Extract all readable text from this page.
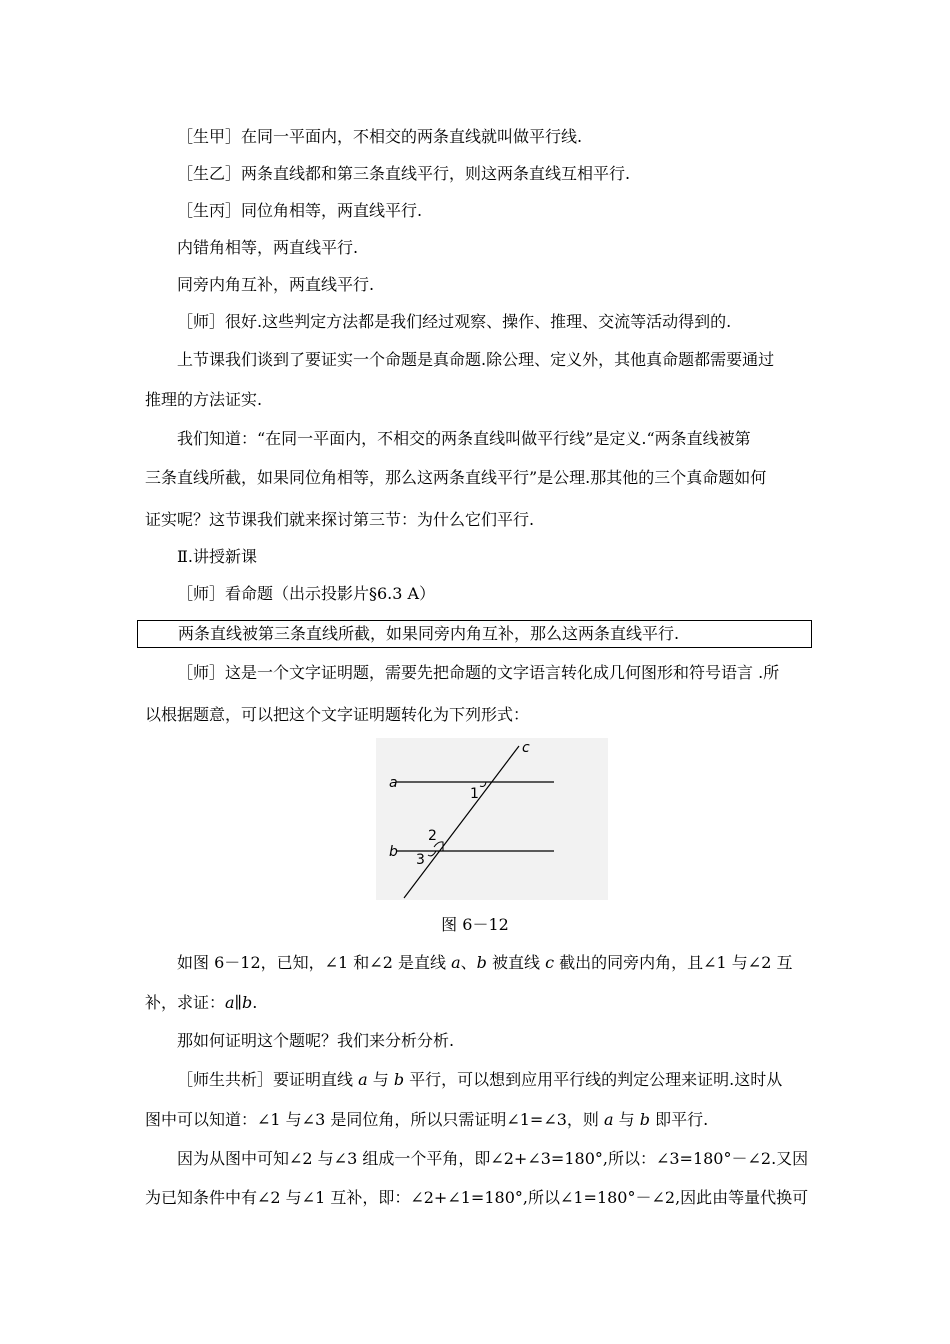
［生甲］在同一平面内，不相交的两条直线就叫做平行线.
［生乙］两条直线都和第三条直线平行，则这两条直线互相平行.
［生丙］同位角相等，两直线平行.
内错角相等，两直线平行.
同旁内角互补，两直线平行.
［师］很好.这些判定方法都是我们经过观察、操作、推理、交流等活动得到的.
上节课我们谈到了要证实一个命题是真命题.除公理、定义外，其他真命题都需要通过
推理的方法证实.
我们知道：“在同一平面内，不相交的两条直线叫做平行线”是定义.“两条直线被第
三条直线所截，如果同位角相等，那么这两条直线平行”是公理.那其他的三个真命题如何
证实呢？这节课我们就来探讨第三节：为什么它们平行.
Ⅱ.讲授新课
［师］看命题（出示投影片§6.3 A）
两条直线被第三条直线所截，如果同旁内角互补，那么这两条直线平行.
［师］这是一个文字证明题，需要先把命题的文字语言转化成几何图形和符号语言 .所
以根据题意，可以把这个文字证明题转化为下列形式：
a
b
c
1
2
3
图 6－12
如图 6－12，已知，∠1 和∠2 是直线 a、b 被直线 c 截出的同旁内角，且∠1 与∠2 互
补，求证：a∥b.
那如何证明这个题呢？我们来分析分析.
［师生共析］要证明直线 a 与 b 平行，可以想到应用平行线的判定公理来证明.这时从
图中可以知道：∠1 与∠3 是同位角，所以只需证明∠1=∠3，则 a 与 b 即平行.
因为从图中可知∠2 与∠3 组成一个平角，即∠2+∠3=180°,所以：∠3=180°－∠2.又因
为已知条件中有∠2 与∠1 互补，即：∠2+∠1=180°,所以∠1=180°－∠2,因此由等量代换可
